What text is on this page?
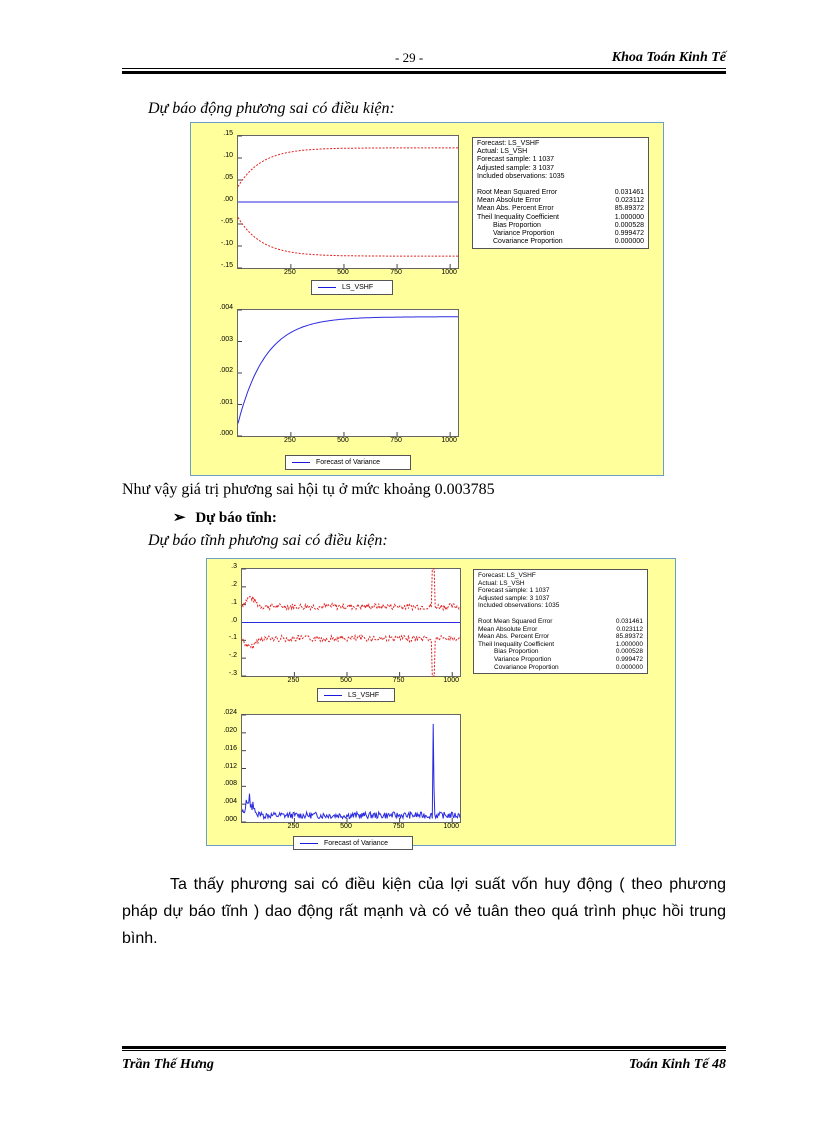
- 29 -	Khoa Toán Kinh Tế
Dự báo động phương sai có điều kiện:
Forecast: LS_VSHF
Actual: LS_VSH
Forecast sample: 1 1037
Adjusted sample: 3 1037
Included observations: 1035
Root Mean Squared Error	0.031461
Mean Absolute Error	0.023112
Mean Abs. Percent Error	85.89372
Theil Inequality Coefficient	1.000000
Bias Proportion	0.000528
Variance Proportion	0.999472
Covariance Proportion	0.000000
.15
.10
.05
.00
-.05
-.10
-.15
250	500	750	1000
LS_VSHF
.004
.003
.002
.001
.000
250	500	750	1000
Forecast of Variance
Như vậy giá trị phương sai hội tụ ở mức khoảng 0.003785
➢ Dự báo tĩnh:
Dự báo tĩnh phương sai có điều kiện:
Forecast: LS_VSHF
Actual: LS_VSH
Forecast sample: 1 1037
Adjusted sample: 3 1037
Included observations: 1035
Root Mean Squared Error	0.031461
Mean Absolute Error	0.023112
Mean Abs. Percent Error	85.89372
Theil Inequality Coefficient	1.000000
Bias Proportion	0.000528
Variance Proportion	0.999472
Covariance Proportion	0.000000
.3
.2
.1
.0
-.1
-.2
-.3
250	500	750	1000
LS_VSHF
.024
.020
.016
.012
.008
.004
.000
250	500	750	1000
Forecast of Variance
Ta thấy phương sai có điều kiện của lợi suất vốn huy động ( theo phương pháp dự báo tĩnh ) dao động rất mạnh và có vẻ tuân theo quá trình phục hồi trung bình.
Trần Thế Hưng	Toán Kinh Tế 48
